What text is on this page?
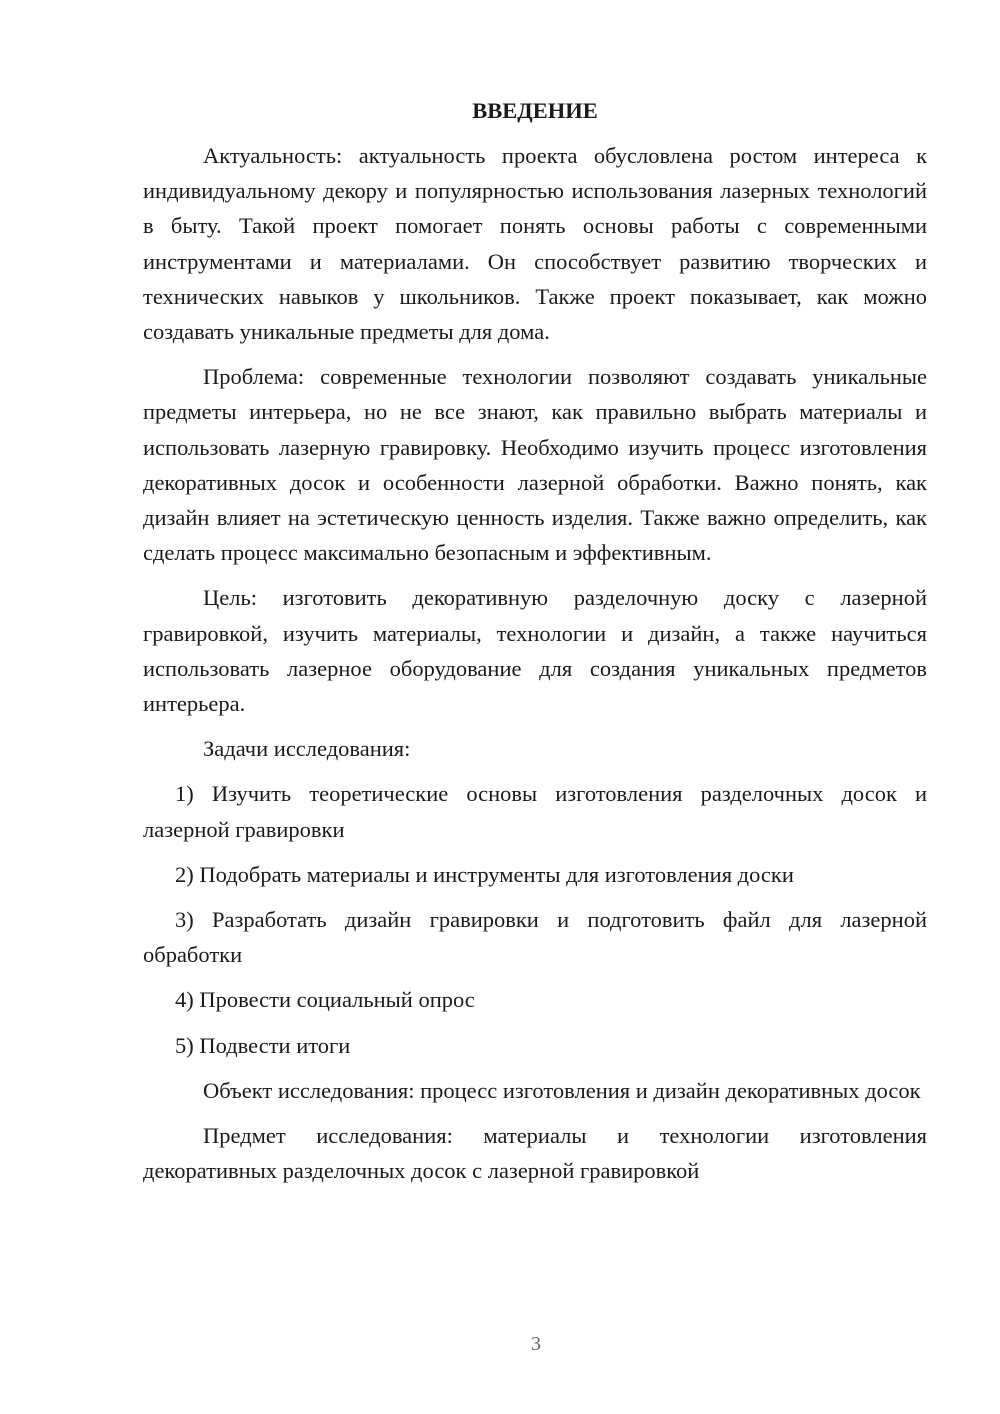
ВВЕДЕНИЕ

Актуальность: актуальность проекта обусловлена ростом интереса к индивидуальному декору и популярностью использования лазерных технологий в быту. Такой проект помогает понять основы работы с современными инструментами и материалами. Он способствует развитию творческих и технических навыков у школьников. Также проект показывает, как можно создавать уникальные предметы для дома.

Проблема: современные технологии позволяют создавать уникальные предметы интерьера, но не все знают, как правильно выбрать материалы и использовать лазерную гравировку. Необходимо изучить процесс изготовления декоративных досок и особенности лазерной обработки. Важно понять, как дизайн влияет на эстетическую ценность изделия. Также важно определить, как сделать процесс максимально безопасным и эффективным.

Цель: изготовить декоративную разделочную доску с лазерной гравировкой, изучить материалы, технологии и дизайн, а также научиться использовать лазерное оборудование для создания уникальных предметов интерьера.

Задачи исследования:

1) Изучить теоретические основы изготовления разделочных досок и лазерной гравировки

2) Подобрать материалы и инструменты для изготовления доски

3) Разработать дизайн гравировки и подготовить файл для лазерной обработки

4) Провести социальный опрос

5) Подвести итоги

Объект исследования: процесс изготовления и дизайн декоративных досок

Предмет исследования: материалы и технологии изготовления декоративных разделочных досок с лазерной гравировкой

3
